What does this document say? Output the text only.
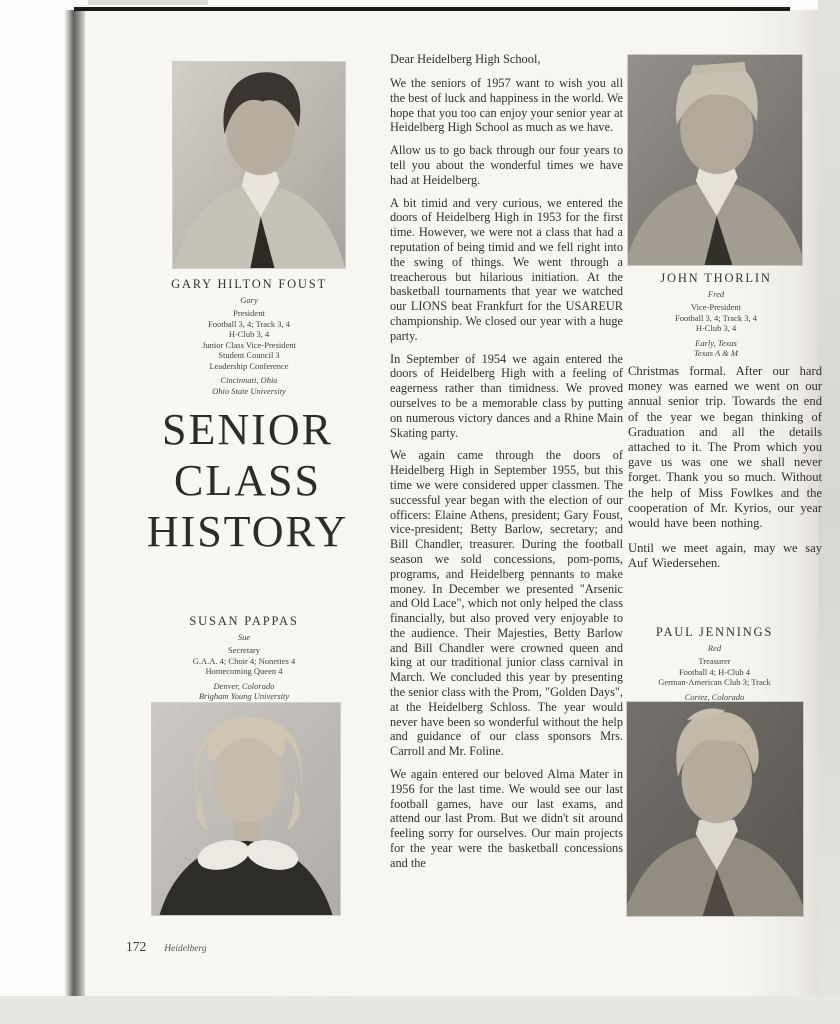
GARY HILTON FOUST
Gary
President
Football 3, 4; Track 3, 4
H-Club 3, 4
Junior Class Vice-President
Student Council 3
Leadership Conference
Cincinnati, Ohio
Ohio State University
SENIOR
CLASS
HISTORY
SUSAN PAPPAS
Sue
Secretary
G.A.A. 4; Choir 4; Nonettes 4
Homecoming Queen 4
Denver, Colorado
Brigham Young University
Dear Heidelberg High School,

We the seniors of 1957 want to wish you all the best of luck and happiness in the world. We hope that you too can enjoy your senior year at Heidelberg High School as much as we have.

Allow us to go back through our four years to tell you about the wonderful times we have had at Heidelberg.

A bit timid and very curious, we entered the doors of Heidelberg High in 1953 for the first time. However, we were not a class that had a reputation of being timid and we fell right into the swing of things. We went through a treacherous but hilarious initiation. At the basketball tournaments that year we watched our LIONS beat Frankfurt for the USAREUR championship. We closed our year with a huge party.

In September of 1954 we again entered the doors of Heidelberg High with a feeling of eagerness rather than timidness. We proved ourselves to be a memorable class by putting on numerous victory dances and a Rhine Main Skating party.

We again came through the doors of Heidelberg High in September 1955, but this time we were considered upper classmen. The successful year began with the election of our officers: Elaine Athens, president; Gary Foust, vice-president; Betty Barlow, secretary; and Bill Chandler, treasurer. During the football season we sold concessions, pom-poms, programs, and Heidelberg pennants to make money. In December we presented "Arsenic and Old Lace", which not only helped the class financially, but also proved very enjoyable to the audience. Their Majesties, Betty Barlow and Bill Chandler were crowned queen and king at our traditional junior class carnival in March. We concluded this year by presenting the senior class with the Prom, "Golden Days", at the Heidelberg Schloss. The year would never have been so wonderful without the help and guidance of our class sponsors Mrs. Carroll and Mr. Foline.

We again entered our beloved Alma Mater in 1956 for the last time. We would see our last football games, have our last exams, and attend our last Prom. But we didn't sit around feeling sorry for ourselves. Our main projects for the year were the basketball concessions and the

JOHN THORLIN
Fred
Vice-President
Football 3, 4; Track 3, 4
H-Club 3, 4
Early, Texas
Texas A & M

Christmas formal. After our hard money was earned we went on our annual senior trip. Towards the end of the year we began thinking of Graduation and all the details attached to it. The Prom which you gave us was one we shall never forget. Thank you so much. Without the help of Miss Fowlkes and the cooperation of Mr. Kyrios, our year would have been nothing.

Until we meet again, may we say Auf Wiedersehen.

PAUL JENNINGS
Red
Treasurer
Football 4; H-Club 4
German-American Club 3; Track
Cortez, Colorado
172 Heidelberg
